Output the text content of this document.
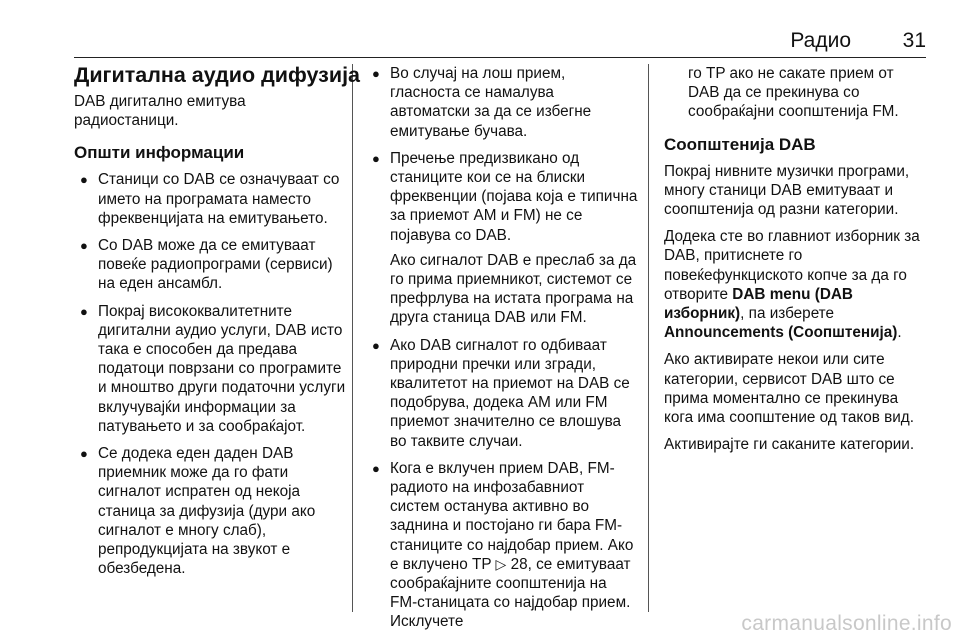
Радио 31
Дигитална аудио дифузија

DAB дигитално емитува радиостаници.

Општи информации
● Станици со DAB се означуваат со името на програмата наместо фреквенцијата на емитувањето.
● Со DAB може да се емитуваат повеќе радиопрограми (сервиси) на еден ансамбл.
● Покрај висококвалитетните дигитални аудио услуги, DAB исто така е способен да предава податоци поврзани со програмите и мноштво други податочни услуги вклучувајќи информации за патувањето и за сообраќајот.
● Се додека еден даден DAB приемник може да го фати сигналот испратен од некоја станица за дифузија (дури ако сигналот е многу слаб), репродукцијата на звукот е обезбедена.
● Во случај на лош прием, гласноста се намалува автоматски за да се избегне емитување бучава.
● Пречење предизвикано од станиците кои се на блиски фреквенции (појава која е типична за приемот AM и FM) не се појавува со DAB.
Ако сигналот DAB е преслаб за да го прима приемникот, системот се префрлува на истата програма на друга станица DAB или FM.
● Ако DAB сигналот го одбиваат природни пречки или згради, квалитетот на приемот на DAB се подобрува, додека AM или FM приемот значително се влошува во таквите случаи.
● Кога е вклучен прием DAB, FM-радиото на инфозабавниот систем останува активно во заднина и постојано ги бара FM-станиците со најдобар прием. Ако е вклучено TP ▷ 28, се емитуваат сообраќајните соопштенија на FM-станицата со најдобар прием. Исклучете
го TP ако не сакате прием от DAB да се прекинува со сообраќајни соопштенија FM.
Соопштенија DAB

Покрај нивните музички програми, многу станици DAB емитуваат и соопштенија од разни категории.

Додека сте во главниот изборник за DAB, притиснете го повеќефункциското копче за да го отворите DAB menu (DAB изборник), па изберете Announcements (Соопштенија).

Ако активирате некои или сите категории, сервисот DAB што се прима моментално се прекинува кога има соопштение од таков вид.

Активирајте ги саканите категории.

carmanualsonline.info
